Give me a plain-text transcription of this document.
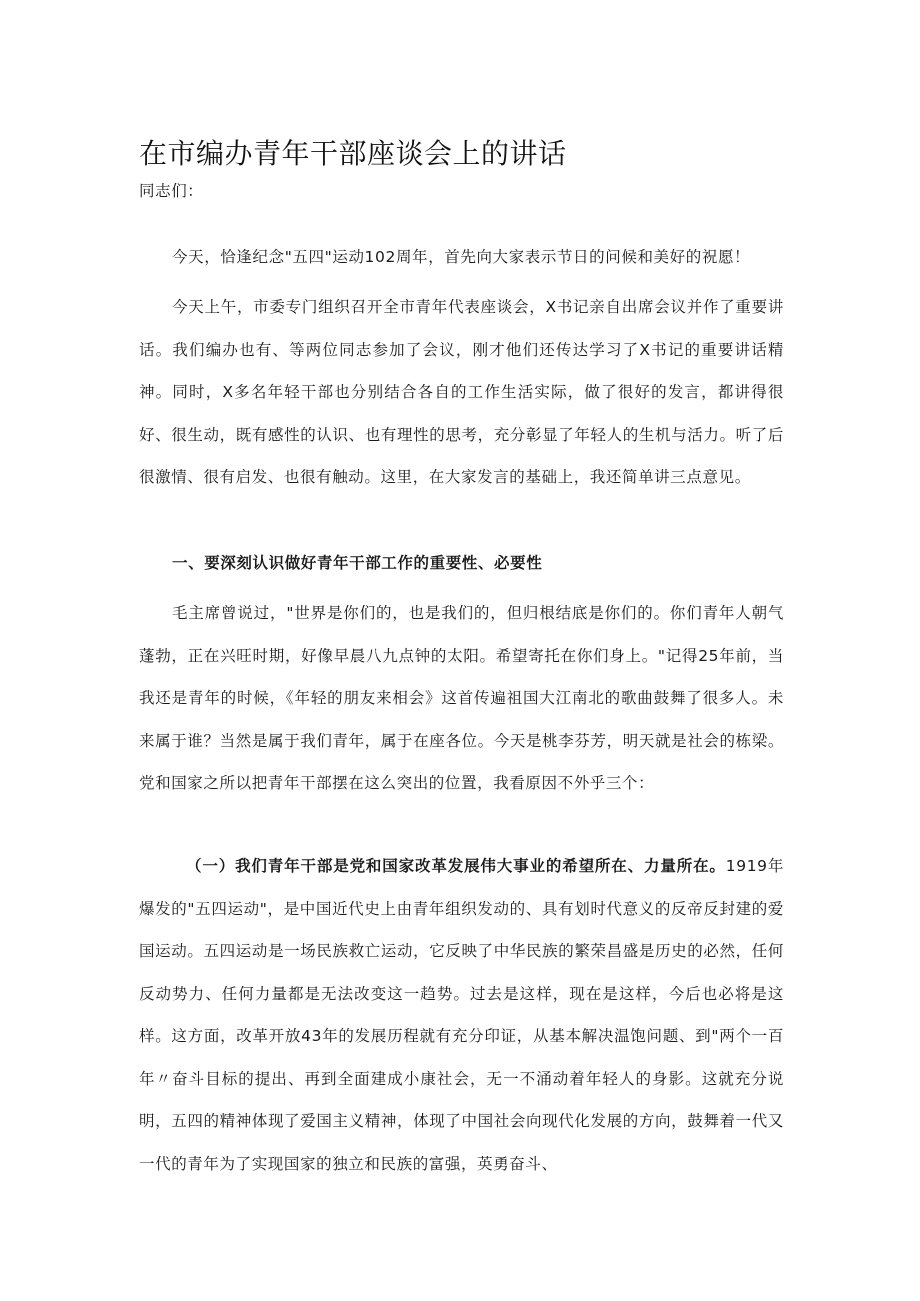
在市编办青年干部座谈会上的讲话

同志们：

今天，恰逢纪念"五四"运动102周年，首先向大家表示节日的问候和美好的祝愿！

今天上午，市委专门组织召开全市青年代表座谈会，X书记亲自出席会议并作了重要讲话。我们编办也有、等两位同志参加了会议，刚才他们还传达学习了X书记的重要讲话精神。同时，X多名年轻干部也分别结合各自的工作生活实际，做了很好的发言，都讲得很好、很生动，既有感性的认识、也有理性的思考，充分彰显了年轻人的生机与活力。听了后很激情、很有启发、也很有触动。这里，在大家发言的基础上，我还简单讲三点意见。

一、要深刻认识做好青年干部工作的重要性、必要性

毛主席曾说过，"世界是你们的，也是我们的，但归根结底是你们的。你们青年人朝气蓬勃，正在兴旺时期，好像早晨八九点钟的太阳。希望寄托在你们身上。"记得25年前，当我还是青年的时候，《年轻的朋友来相会》这首传遍祖国大江南北的歌曲鼓舞了很多人。未来属于谁？当然是属于我们青年，属于在座各位。今天是桃李芬芳，明天就是社会的栋梁。党和国家之所以把青年干部摆在这么突出的位置，我看原因不外乎三个：

（一）我们青年干部是党和国家改革发展伟大事业的希望所在、力量所在。1919年爆发的"五四运动"，是中国近代史上由青年组织发动的、具有划时代意义的反帝反封建的爱国运动。五四运动是一场民族救亡运动，它反映了中华民族的繁荣昌盛是历史的必然，任何反动势力、任何力量都是无法改变这一趋势。过去是这样，现在是这样，今后也必将是这样。这方面，改革开放43年的发展历程就有充分印证，从基本解决温饱问题、到"两个一百年〃奋斗目标的提出、再到全面建成小康社会，无一不涌动着年轻人的身影。这就充分说明，五四的精神体现了爱国主义精神，体现了中国社会向现代化发展的方向，鼓舞着一代又一代的青年为了实现国家的独立和民族的富强，英勇奋斗、
